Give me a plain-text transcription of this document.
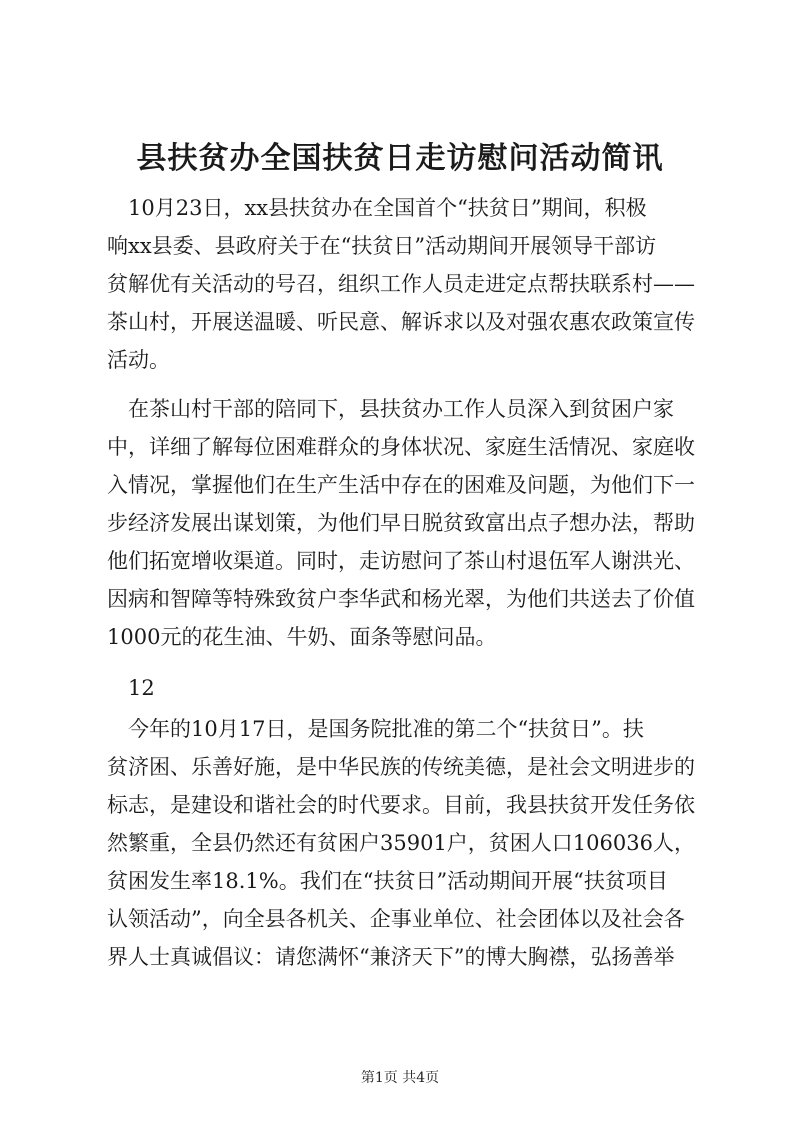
县扶贫办全国扶贫日走访慰问活动简讯
　10月23日，xx县扶贫办在全国首个“扶贫日”期间，积极
响xx县委、县政府关于在“扶贫日”活动期间开展领导干部访
贫解优有关活动的号召，组织工作人员走进定点帮扶联系村——
茶山村，开展送温暖、听民意、解诉求以及对强农惠农政策宣传
活动。
　在茶山村干部的陪同下，县扶贫办工作人员深入到贫困户家
中，详细了解每位困难群众的身体状况、家庭生活情况、家庭收
入情况，掌握他们在生产生活中存在的困难及问题，为他们下一
步经济发展出谋划策，为他们早日脱贫致富出点子想办法，帮助
他们拓宽增收渠道。同时，走访慰问了茶山村退伍军人谢洪光、
因病和智障等特殊致贫户李华武和杨光翠，为他们共送去了价值
1000元的花生油、牛奶、面条等慰问品。
　12
　今年的10月17日，是国务院批准的第二个“扶贫日”。扶
贫济困、乐善好施，是中华民族的传统美德，是社会文明进步的
标志，是建设和谐社会的时代要求。目前，我县扶贫开发任务依
然繁重，全县仍然还有贫困户35901户，贫困人口106036人，
贫困发生率18.1%。我们在“扶贫日”活动期间开展“扶贫项目
认领活动”，向全县各机关、企事业单位、社会团体以及社会各
界人士真诚倡议：请您满怀“兼济天下”的博大胸襟，弘扬善举
第1页 共4页
